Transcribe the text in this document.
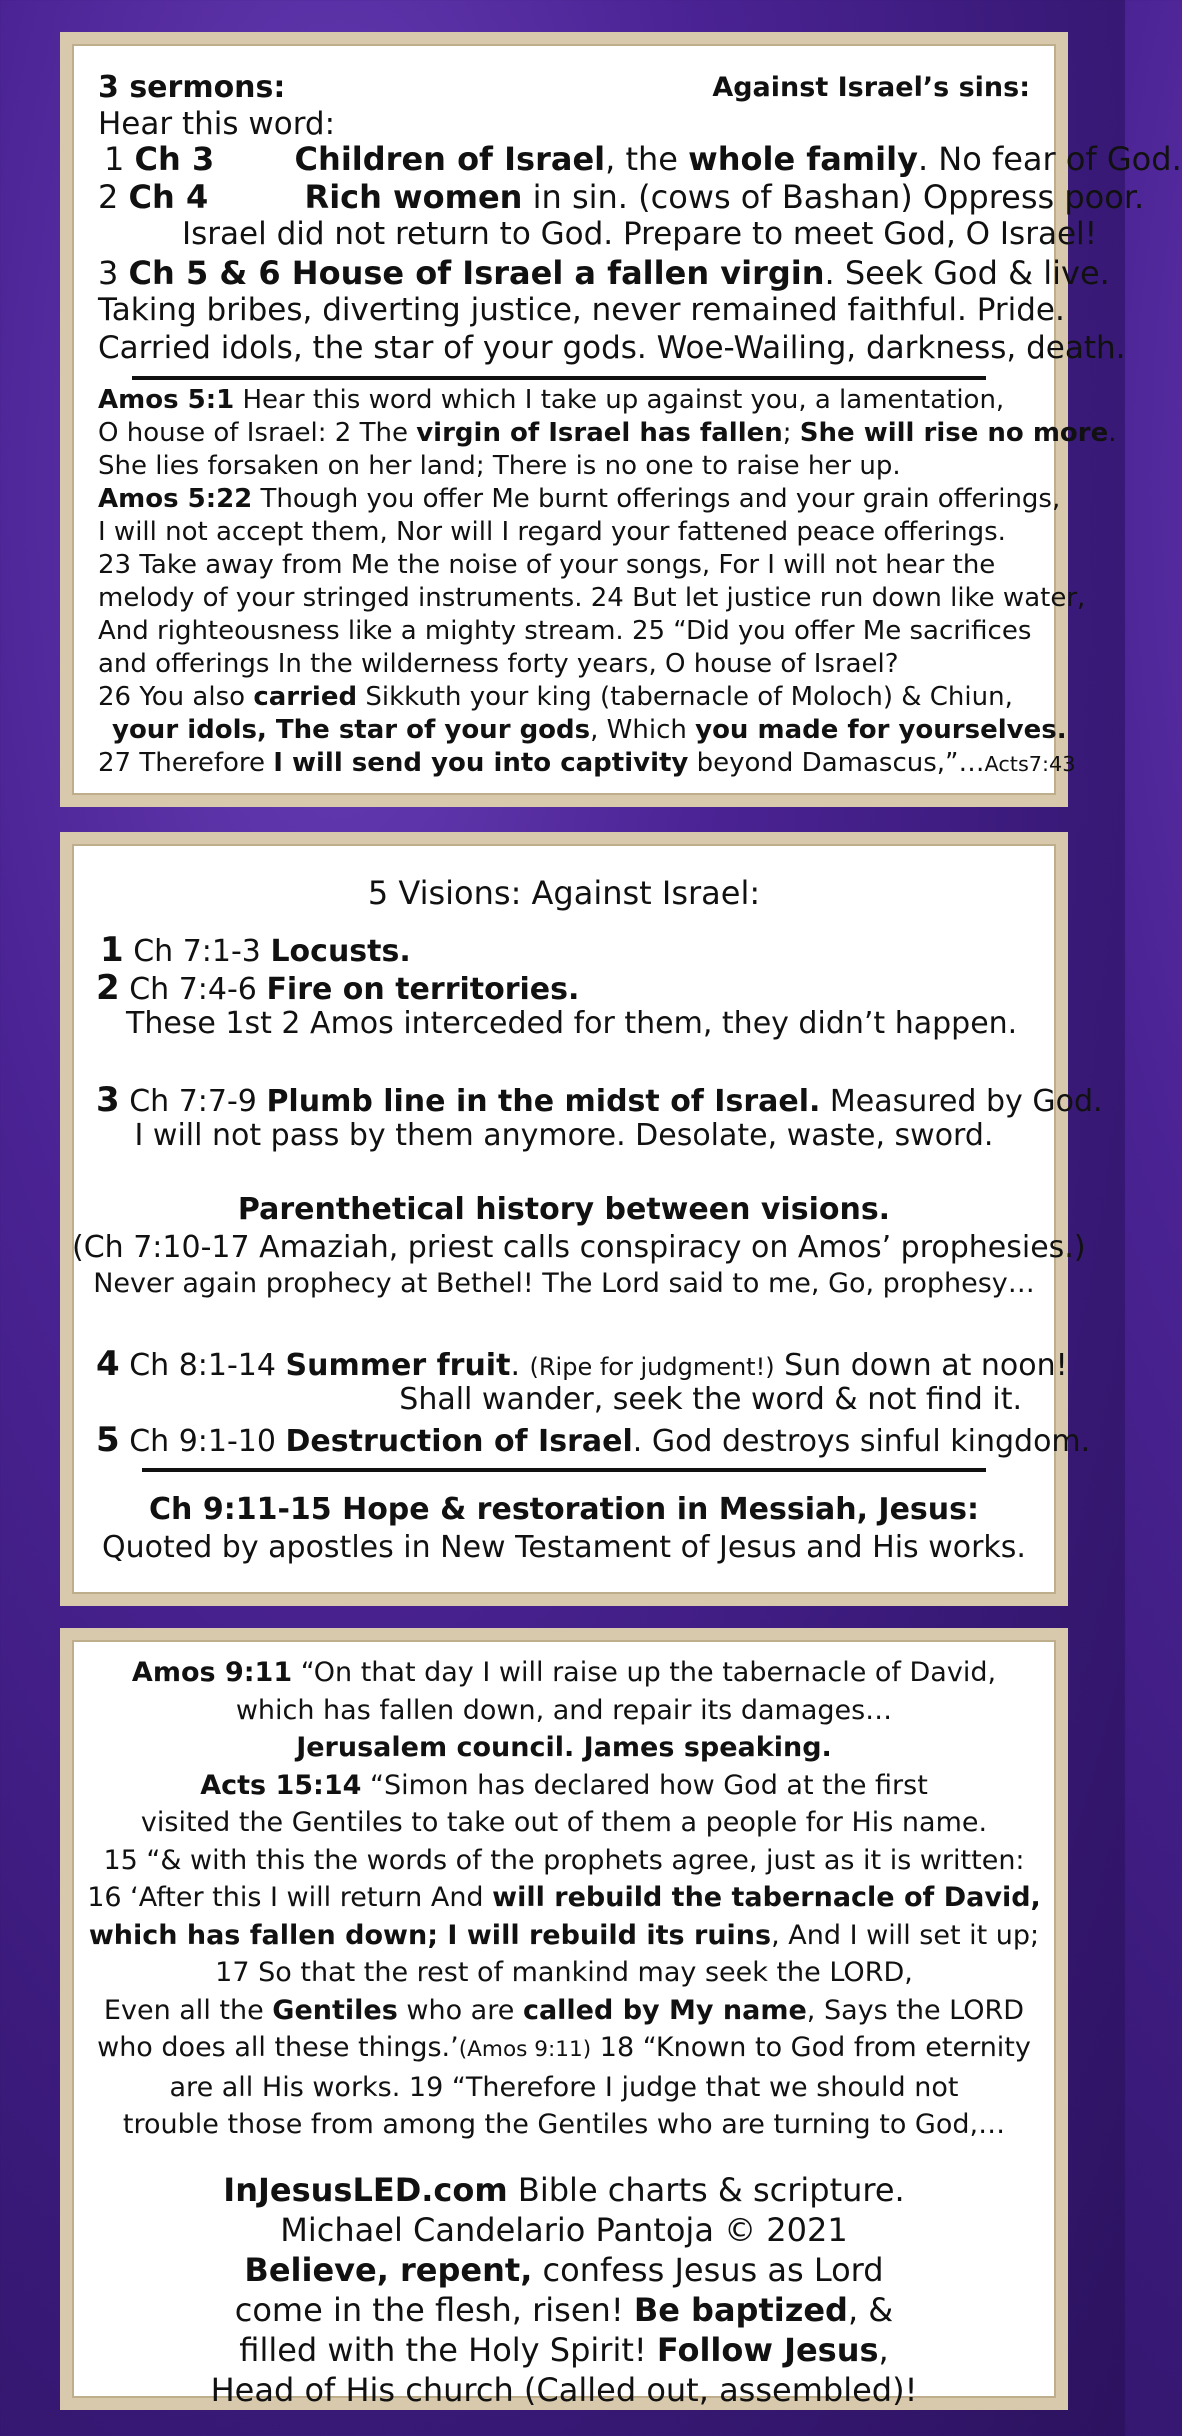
3 sermons:	Against Israel’s sins:
Hear this word:
1 Ch 3	Children of Israel, the whole family. No fear of God.
2 Ch 4	Rich women in sin. (cows of Bashan) Oppress poor.
Israel did not return to God. Prepare to meet God, O Israel!
3 Ch 5 & 6 House of Israel a fallen virgin. Seek God & live.
Taking bribes, diverting justice, never remained faithful. Pride.
Carried idols, the star of your gods. Woe-Wailing, darkness, death.
Amos 5:1 Hear this word which I take up against you, a lamentation,
O house of Israel: 2 The virgin of Israel has fallen; She will rise no more.
She lies forsaken on her land; There is no one to raise her up.
Amos 5:22 Though you offer Me burnt offerings and your grain offerings,
I will not accept them, Nor will I regard your fattened peace offerings.
23 Take away from Me the noise of your songs, For I will not hear the
melody of your stringed instruments. 24 But let justice run down like water,
And righteousness like a mighty stream. 25 “Did you offer Me sacrifices
and offerings In the wilderness forty years, O house of Israel?
26 You also carried Sikkuth your king (tabernacle of Moloch) & Chiun,
your idols, The star of your gods, Which you made for yourselves.
27 Therefore I will send you into captivity beyond Damascus,”…Acts7:43
5 Visions: Against Israel:
1 Ch 7:1-3 Locusts.
2 Ch 7:4-6 Fire on territories.
These 1st 2 Amos interceded for them, they didn’t happen.
3 Ch 7:7-9 Plumb line in the midst of Israel. Measured by God.
I will not pass by them anymore. Desolate, waste, sword.
Parenthetical history between visions.
(Ch 7:10-17 Amaziah, priest calls conspiracy on Amos’ prophesies.)
Never again prophecy at Bethel! The Lord said to me, Go, prophesy…
4 Ch 8:1-14 Summer fruit. (Ripe for judgment!) Sun down at noon!
Shall wander, seek the word & not find it.
5 Ch 9:1-10 Destruction of Israel. God destroys sinful kingdom.
Ch 9:11-15 Hope & restoration in Messiah, Jesus:
Quoted by apostles in New Testament of Jesus and His works.
Amos 9:11 “On that day I will raise up the tabernacle of David,
which has fallen down, and repair its damages…
Jerusalem council. James speaking.
Acts 15:14 “Simon has declared how God at the first
visited the Gentiles to take out of them a people for His name.
15 “& with this the words of the prophets agree, just as it is written:
16 ‘After this I will return And will rebuild the tabernacle of David,
which has fallen down; I will rebuild its ruins, And I will set it up;
17 So that the rest of mankind may seek the LORD,
Even all the Gentiles who are called by My name, Says the LORD
who does all these things.’(Amos 9:11) 18 “Known to God from eternity
are all His works. 19 “Therefore I judge that we should not
trouble those from among the Gentiles who are turning to God,…
InJesusLED.com Bible charts & scripture.
Michael Candelario Pantoja © 2021
Believe, repent, confess Jesus as Lord
come in the flesh, risen! Be baptized, &
filled with the Holy Spirit! Follow Jesus,
Head of His church (Called out, assembled)!
